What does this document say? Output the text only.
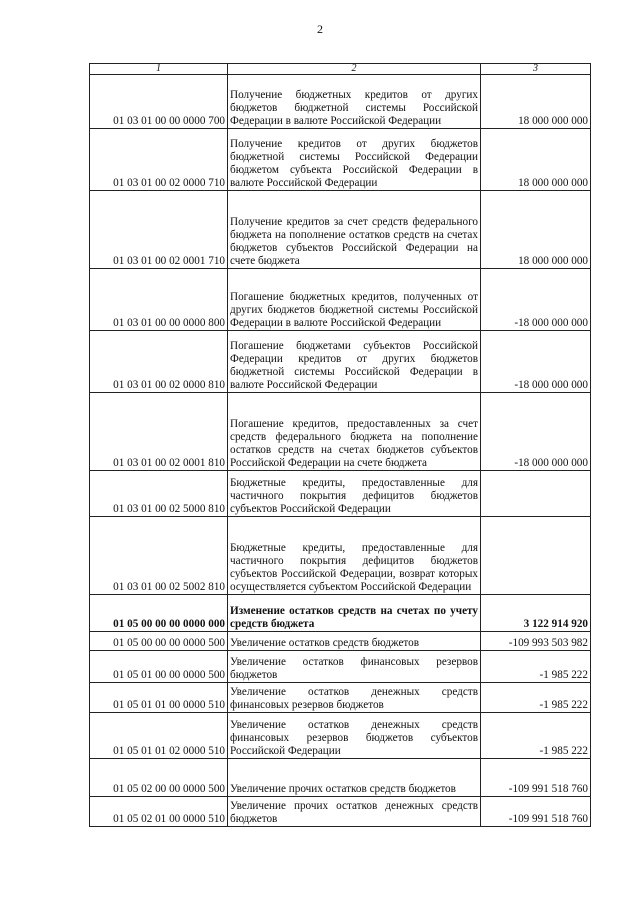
2
1	2	3
01 03 01 00 00 0000 700	Получение бюджетных кредитов от других бюджетов бюджетной системы Российской Федерации в валюте Российской Федерации	18 000 000 000
01 03 01 00 02 0000 710	Получение кредитов от других бюджетов бюджетной системы Российской Федерации бюджетом субъекта Российской Федерации в валюте Российской Федерации	18 000 000 000
01 03 01 00 02 0001 710	Получение кредитов за счет средств федерального бюджета на пополнение остатков средств на счетах бюджетов субъектов Российской Федерации на счете бюджета	18 000 000 000
01 03 01 00 00 0000 800	Погашение бюджетных кредитов, полученных от других бюджетов бюджетной системы Российской Федерации в валюте Российской Федерации	-18 000 000 000
01 03 01 00 02 0000 810	Погашение бюджетами субъектов Российской Федерации кредитов от других бюджетов бюджетной системы Российской Федерации в валюте Российской Федерации	-18 000 000 000
01 03 01 00 02 0001 810	Погашение кредитов, предоставленных за счет средств федерального бюджета на пополнение остатков средств на счетах бюджетов субъектов Российской Федерации на счете бюджета	-18 000 000 000
01 03 01 00 02 5000 810	Бюджетные кредиты, предоставленные для частичного покрытия дефицитов бюджетов субъектов Российской Федерации	
01 03 01 00 02 5002 810	Бюджетные кредиты, предоставленные для частичного покрытия дефицитов бюджетов субъектов Российской Федерации, возврат которых осуществляется субъектом Российской Федерации	
01 05 00 00 00 0000 000	Изменение остатков средств на счетах по учету средств бюджета	3 122 914 920
01 05 00 00 00 0000 500	Увеличение остатков средств бюджетов	-109 993 503 982
01 05 01 00 00 0000 500	Увеличение остатков финансовых резервов бюджетов	-1 985 222
01 05 01 01 00 0000 510	Увеличение остатков денежных средств финансовых резервов бюджетов	-1 985 222
01 05 01 01 02 0000 510	Увеличение остатков денежных средств финансовых резервов бюджетов субъектов Российской Федерации	-1 985 222
01 05 02 00 00 0000 500	Увеличение прочих остатков средств бюджетов	-109 991 518 760
01 05 02 01 00 0000 510	Увеличение прочих остатков денежных средств бюджетов	-109 991 518 760
